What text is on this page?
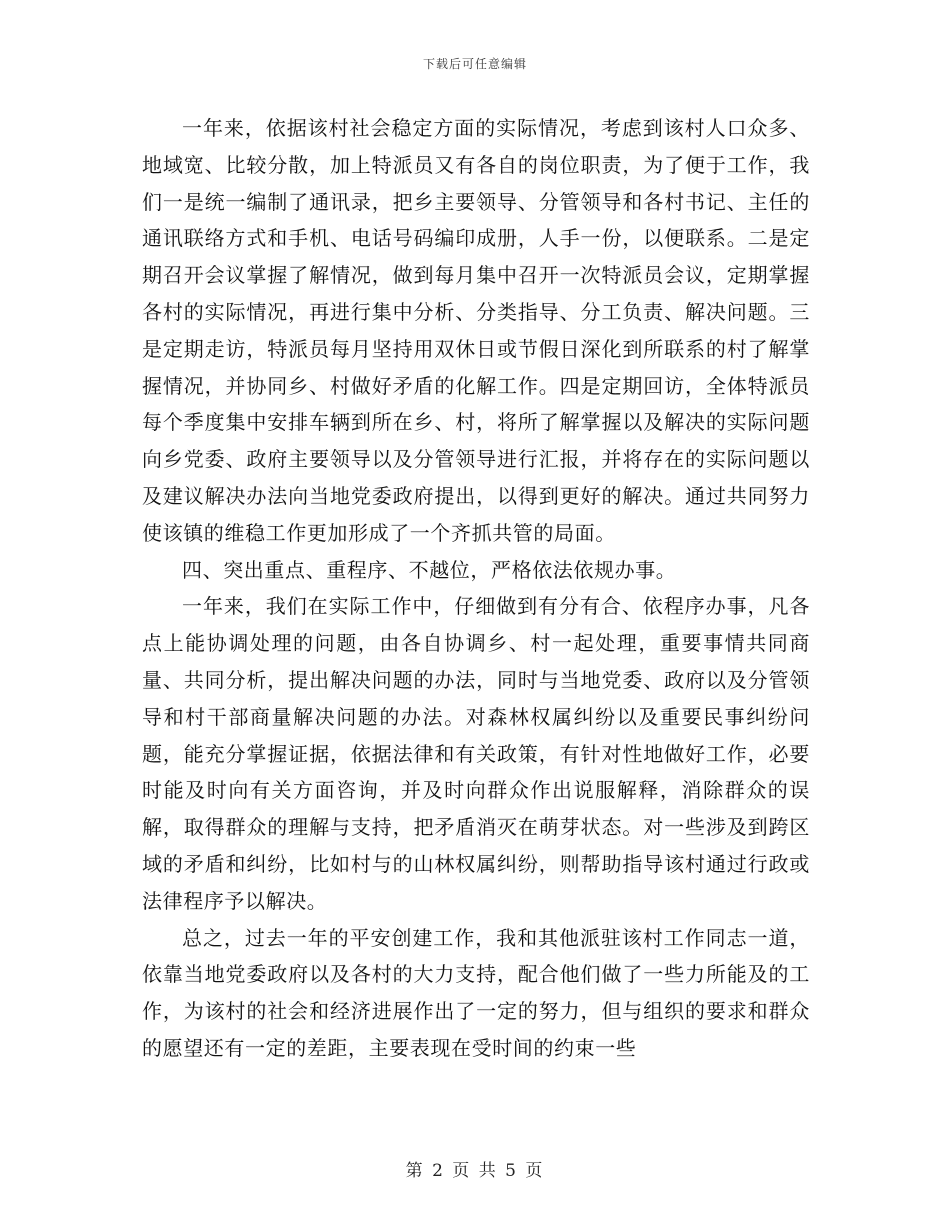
下载后可任意编辑

一年来，依据该村社会稳定方面的实际情况，考虑到该村人口众多、地域宽、比较分散，加上特派员又有各自的岗位职责，为了便于工作，我们一是统一编制了通讯录，把乡主要领导、分管领导和各村书记、主任的通讯联络方式和手机、电话号码编印成册，人手一份，以便联系。二是定期召开会议掌握了解情况，做到每月集中召开一次特派员会议，定期掌握各村的实际情况，再进行集中分析、分类指导、分工负责、解决问题。三是定期走访，特派员每月坚持用双休日或节假日深化到所联系的村了解掌握情况，并协同乡、村做好矛盾的化解工作。四是定期回访，全体特派员每个季度集中安排车辆到所在乡、村，将所了解掌握以及解决的实际问题向乡党委、政府主要领导以及分管领导进行汇报，并将存在的实际问题以及建议解决办法向当地党委政府提出，以得到更好的解决。通过共同努力使该镇的维稳工作更加形成了一个齐抓共管的局面。

四、突出重点、重程序、不越位，严格依法依规办事。

一年来，我们在实际工作中，仔细做到有分有合、依程序办事，凡各点上能协调处理的问题，由各自协调乡、村一起处理，重要事情共同商量、共同分析，提出解决问题的办法，同时与当地党委、政府以及分管领导和村干部商量解决问题的办法。对森林权属纠纷以及重要民事纠纷问题，能充分掌握证据，依据法律和有关政策，有针对性地做好工作，必要时能及时向有关方面咨询，并及时向群众作出说服解释，消除群众的误解，取得群众的理解与支持，把矛盾消灭在萌芽状态。对一些涉及到跨区域的矛盾和纠纷，比如村与的山林权属纠纷，则帮助指导该村通过行政或法律程序予以解决。

总之，过去一年的平安创建工作，我和其他派驻该村工作同志一道，依靠当地党委政府以及各村的大力支持，配合他们做了一些力所能及的工作，为该村的社会和经济进展作出了一定的努力，但与组织的要求和群众的愿望还有一定的差距，主要表现在受时间的约束一些

第 2 页 共 5 页
